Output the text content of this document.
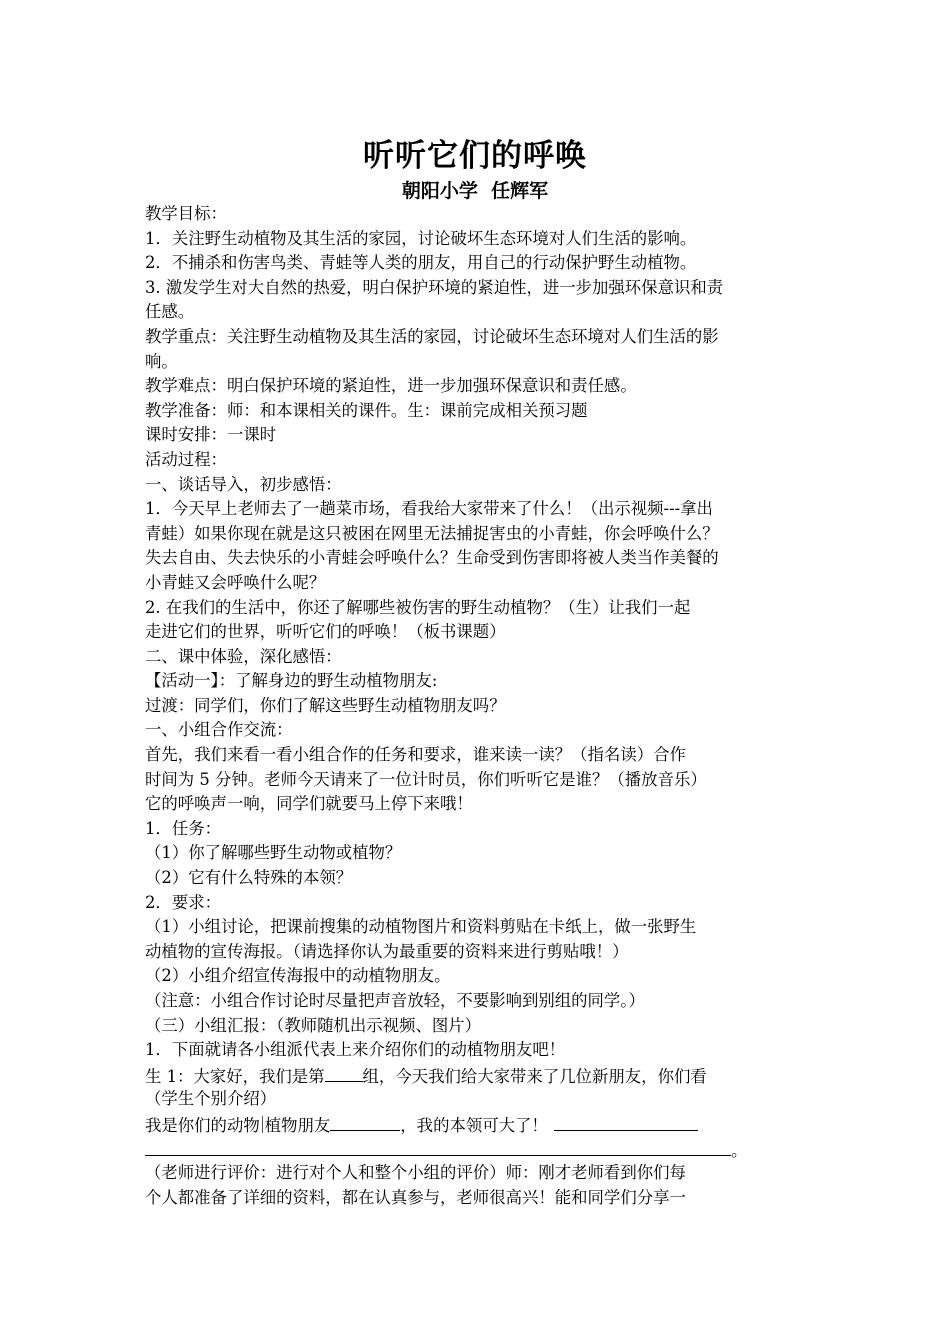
听听它们的呼唤
朝阳小学  任辉军
教学目标：
1．关注野生动植物及其生活的家园，讨论破坏生态环境对人们生活的影响。
2．不捕杀和伤害鸟类、青蛙等人类的朋友，用自己的行动保护野生动植物。
3. 激发学生对大自然的热爱，明白保护环境的紧迫性，进一步加强环保意识和责
任感。
教学重点：关注野生动植物及其生活的家园，讨论破坏生态环境对人们生活的影
响。
教学难点：明白保护环境的紧迫性，进一步加强环保意识和责任感。
教学准备：师：和本课相关的课件。生：课前完成相关预习题
课时安排：一课时
活动过程：
一、谈话导入，初步感悟：
1．今天早上老师去了一趟菜市场，看我给大家带来了什么！（出示视频---拿出
青蛙）如果你现在就是这只被困在网里无法捕捉害虫的小青蛙，你会呼唤什么？
失去自由、失去快乐的小青蛙会呼唤什么？生命受到伤害即将被人类当作美餐的
小青蛙又会呼唤什么呢？
2. 在我们的生活中，你还了解哪些被伤害的野生动植物？（生）让我们一起
走进它们的世界，听听它们的呼唤！（板书课题）
二、课中体验，深化感悟：
【活动一】：了解身边的野生动植物朋友:
过渡：同学们，你们了解这些野生动植物朋友吗？
一、小组合作交流：
首先，我们来看一看小组合作的任务和要求，谁来读一读？（指名读）合作
时间为 5 分钟。老师今天请来了一位计时员，你们听听它是谁？（播放音乐）
它的呼唤声一响，同学们就要马上停下来哦！
1．任务：
（1）你了解哪些野生动物或植物？
（2）它有什么特殊的本领？
2．要求：
（1）小组讨论，把课前搜集的动植物图片和资料剪贴在卡纸上，做一张野生
动植物的宣传海报。（请选择你认为最重要的资料来进行剪贴哦！）
（2）小组介绍宣传海报中的动植物朋友。
（注意：小组合作讨论时尽量把声音放轻，不要影响到别组的同学。）
（三）小组汇报：（教师随机出示视频、图片）
1．下面就请各小组派代表上来介绍你们的动植物朋友吧！
生 1：大家好，我们是第 组，今天我们给大家带来了几位新朋友，你们看
（学生个别介绍）
我是你们的动物 植物朋友	，我的本领可大了！
。
（老师进行评价：进行对个人和整个小组的评价）师：刚才老师看到你们每
个人都准备了详细的资料，都在认真参与，老师很高兴！能和同学们分享一
